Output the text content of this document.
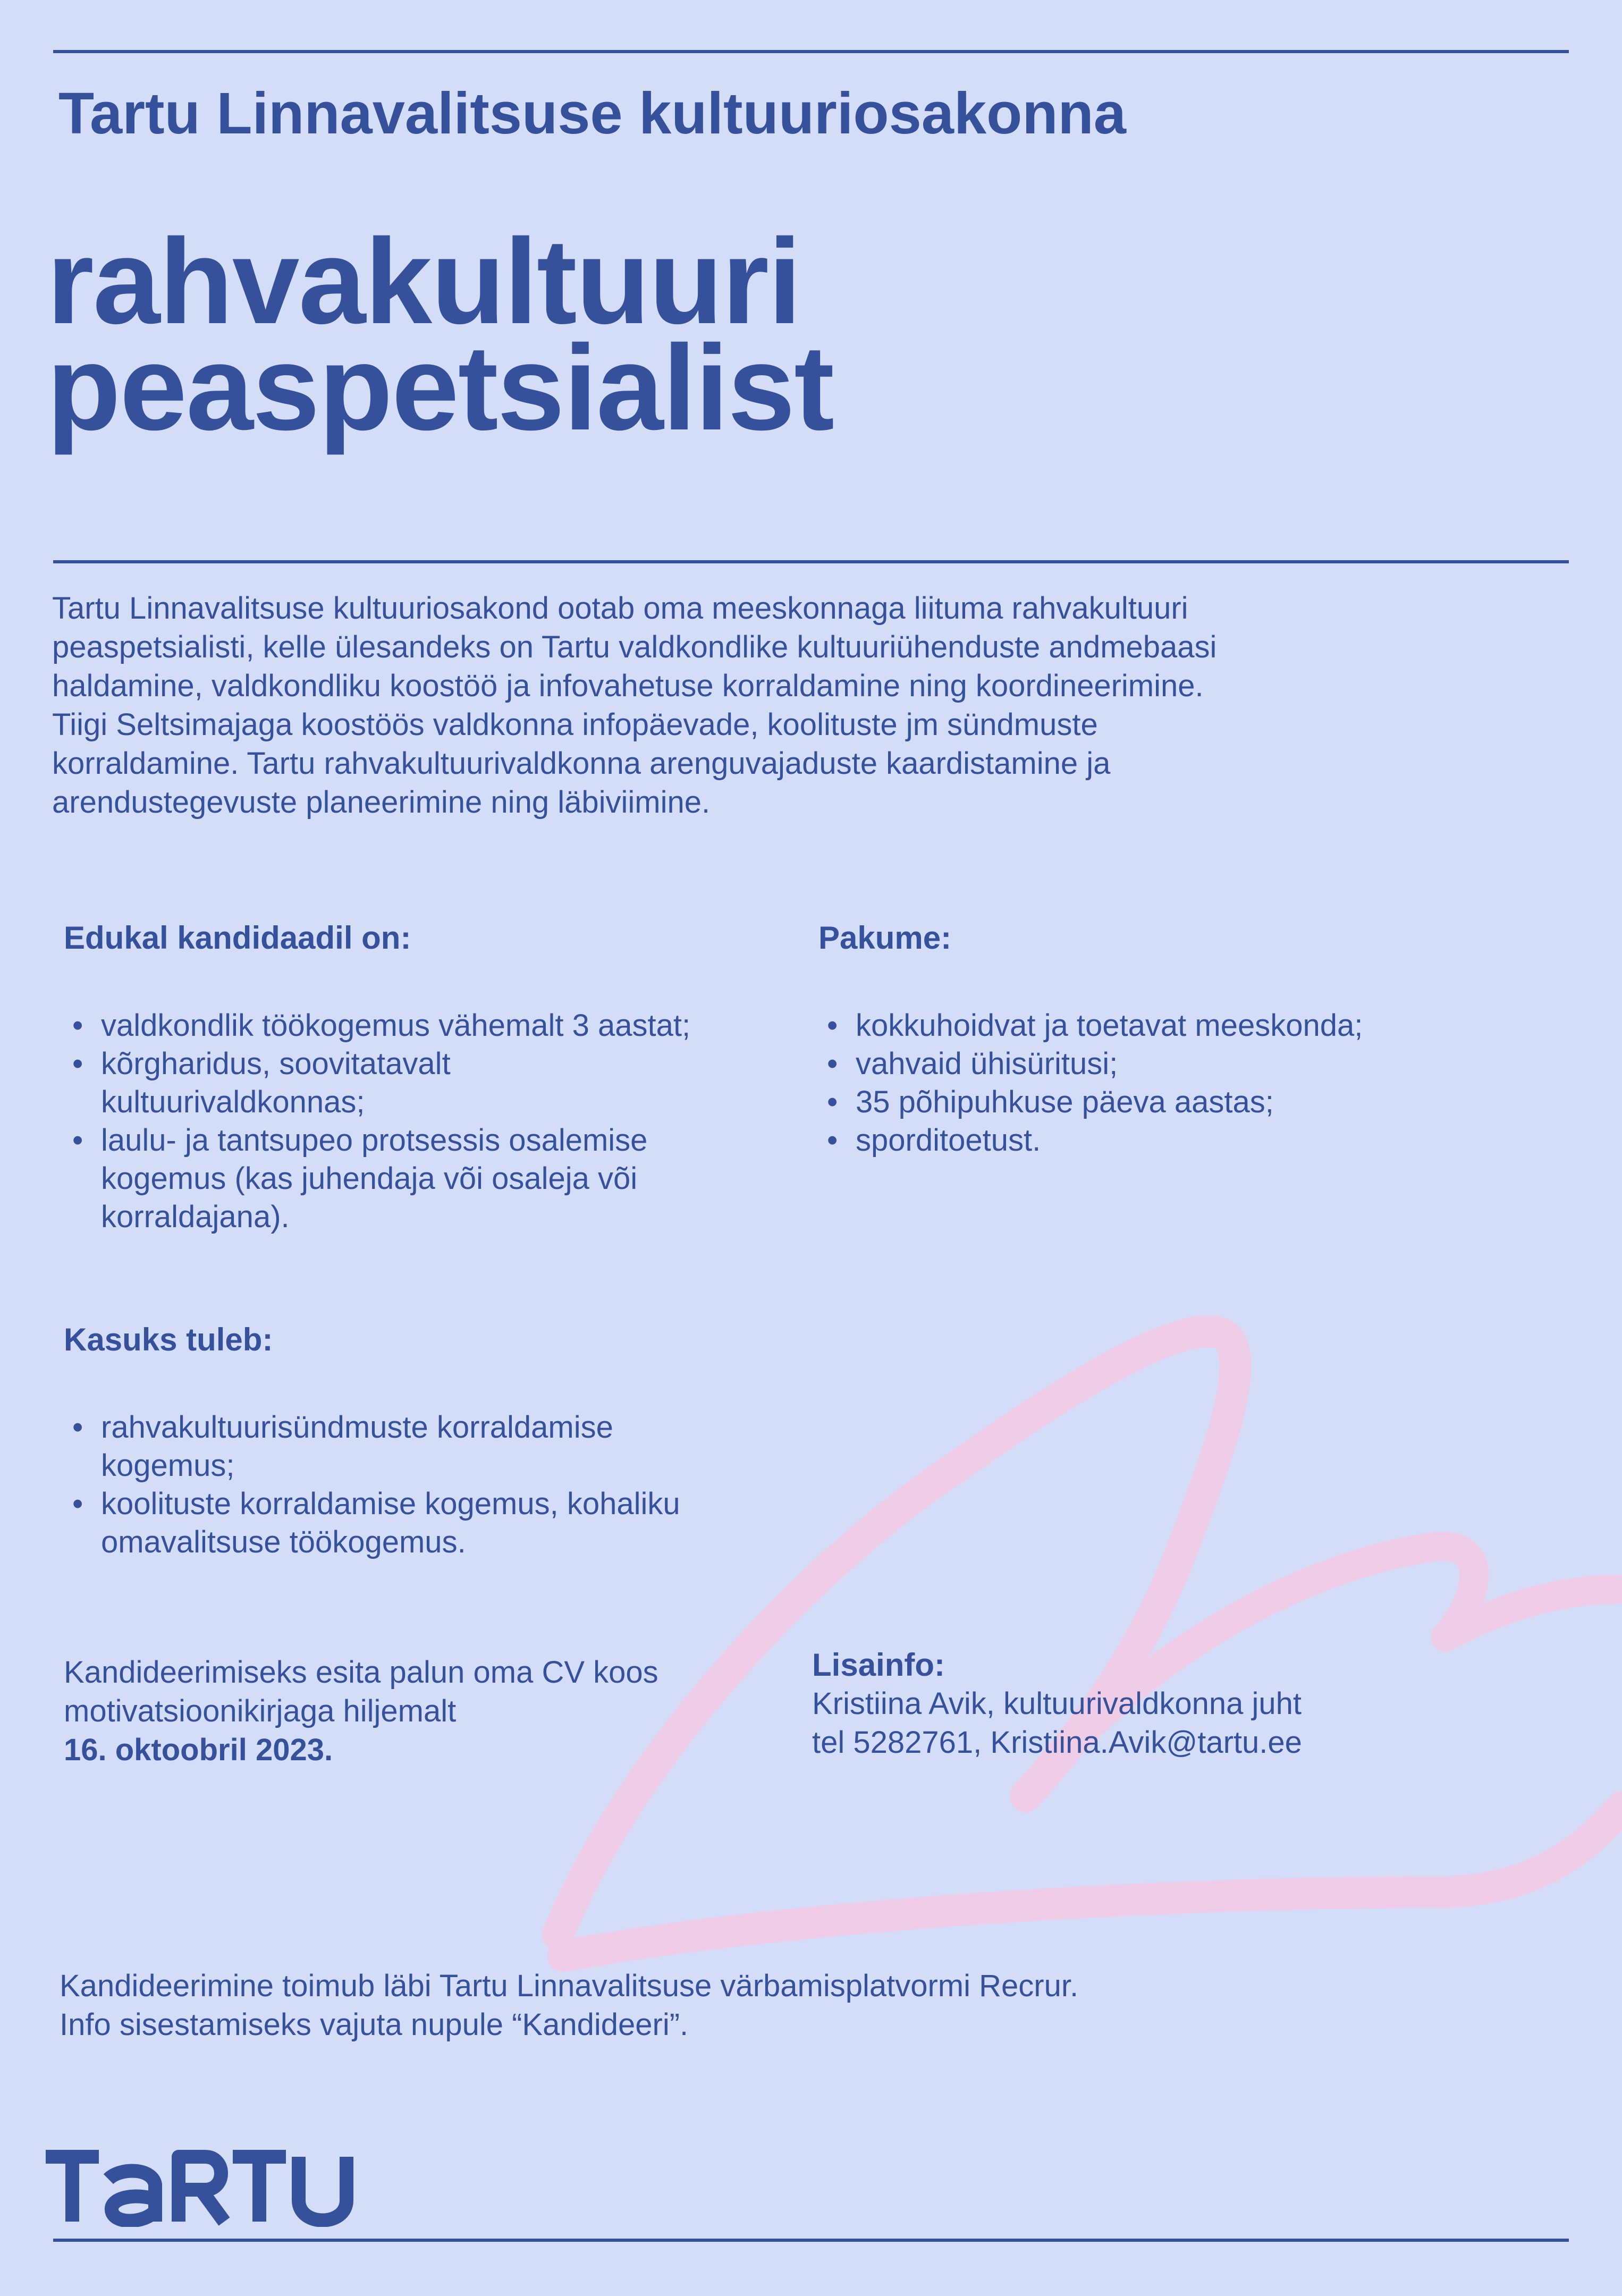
Tartu Linnavalitsuse kultuuriosakonna
rahvakultuuri
peaspetsialist
Tartu Linnavalitsuse kultuuriosakond ootab oma meeskonnaga liituma rahvakultuuri
peaspetsialisti, kelle ülesandeks on Tartu valdkondlike kultuuriühenduste andmebaasi
haldamine, valdkondliku koostöö ja infovahetuse korraldamine ning koordineerimine.
Tiigi Seltsimajaga koostöös valdkonna infopäevade, koolituste jm sündmuste
korraldamine. Tartu rahvakultuurivaldkonna arenguvajaduste kaardistamine ja
arendustegevuste planeerimine ning läbiviimine.
Edukal kandidaadil on:
• valdkondlik töökogemus vähemalt 3 aastat;
• kõrgharidus, soovitatavalt
kultuurivaldkonnas;
• laulu- ja tantsupeo protsessis osalemise
kogemus (kas juhendaja või osaleja või
korraldajana).
Pakume:
• kokkuhoidvat ja toetavat meeskonda;
• vahvaid ühisüritusi;
• 35 põhipuhkuse päeva aastas;
• sporditoetust.
Kasuks tuleb:
• rahvakultuurisündmuste korraldamise
kogemus;
• koolituste korraldamise kogemus, kohaliku
omavalitsuse töökogemus.
Kandideerimiseks esita palun oma CV koos
motivatsioonikirjaga hiljemalt
16. oktoobril 2023.
Lisainfo:
Kristiina Avik, kultuurivaldkonna juht
tel 5282761, Kristiina.Avik@tartu.ee
Kandideerimine toimub läbi Tartu Linnavalitsuse värbamisplatvormi Recrur.
Info sisestamiseks vajuta nupule “Kandideeri”.
